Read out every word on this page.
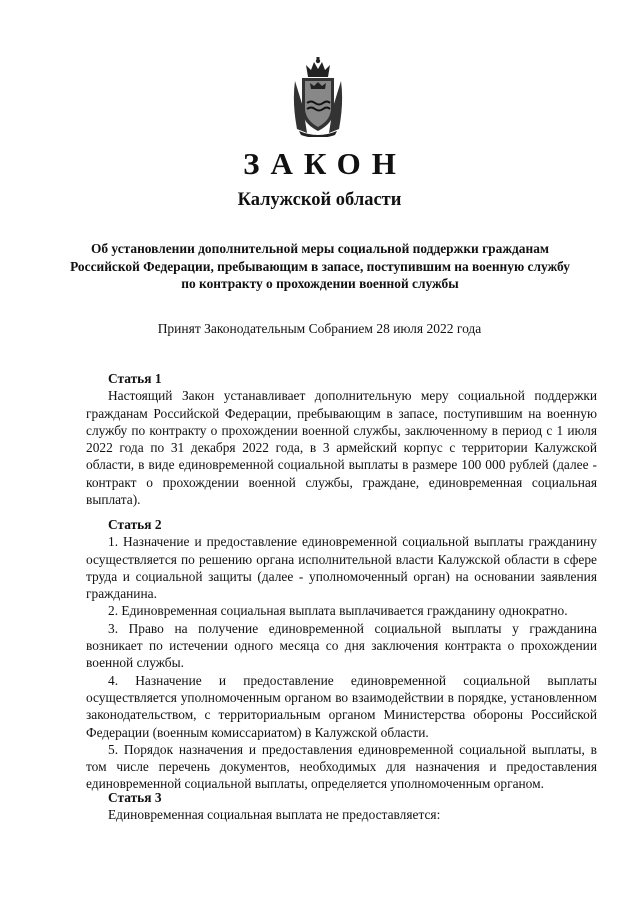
ЗАКОН
Калужской области
Об установлении дополнительной меры социальной поддержки гражданам Российской Федерации, пребывающим в запасе, поступившим на военную службу по контракту о прохождении военной службы
Принят Законодательным Собранием 28 июля 2022 года
Статья 1

Настоящий Закон устанавливает дополнительную меру социальной поддержки гражданам Российской Федерации, пребывающим в запасе, поступившим на военную службу по контракту о прохождении военной службы, заключенному в период с 1 июля 2022 года по 31 декабря 2022 года, в 3 армейский корпус с территории Калужской области, в виде единовременной социальной выплаты в размере 100 000 рублей (далее - контракт о прохождении военной службы, граждане, единовременная социальная выплата).

Статья 2

1. Назначение и предоставление единовременной социальной выплаты гражданину осуществляется по решению органа исполнительной власти Калужской области в сфере труда и социальной защиты (далее - уполномоченный орган) на основании заявления гражданина.

2. Единовременная социальная выплата выплачивается гражданину однократно.

3. Право на получение единовременной социальной выплаты у гражданина возникает по истечении одного месяца со дня заключения контракта о прохождении военной службы.

4. Назначение и предоставление единовременной социальной выплаты осуществляется уполномоченным органом во взаимодействии в порядке, установленном законодательством, с территориальным органом Министерства обороны Российской Федерации (военным комиссариатом) в Калужской области.

5. Порядок назначения и предоставления единовременной социальной выплаты, в том числе перечень документов, необходимых для назначения и предоставления единовременной социальной выплаты, определяется уполномоченным органом.

Статья 3

Единовременная социальная выплата не предоставляется:
